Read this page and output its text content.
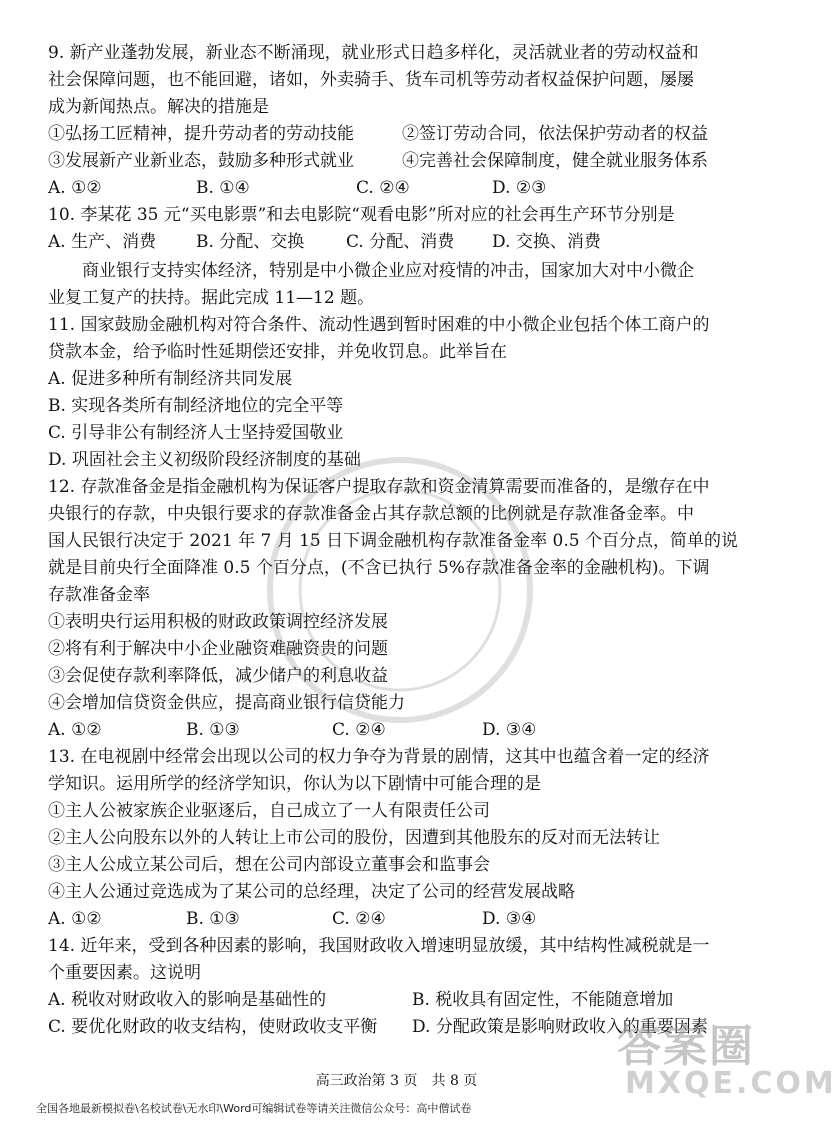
9. 新产业蓬勃发展，新业态不断涌现，就业形式日趋多样化，灵活就业者的劳动权益和
社会保障问题，也不能回避，诸如，外卖骑手、货车司机等劳动者权益保护问题，屡屡
成为新闻热点。解决的措施是
①弘扬工匠精神，提升劳动者的劳动技能	②签订劳动合同，依法保护劳动者的权益
③发展新产业新业态，鼓励多种形式就业	④完善社会保障制度，健全就业服务体系
A. ①②	B. ①④	C. ②④	D. ②③
10. 李某花 35 元“买电影票”和去电影院“观看电影”所对应的社会再生产环节分别是
A. 生产、消费 B. 分配、交换 C. 分配、消费 D. 交换、消费
商业银行支持实体经济，特别是中小微企业应对疫情的冲击，国家加大对中小微企
业复工复产的扶持。据此完成 11—12 题。
11. 国家鼓励金融机构对符合条件、流动性遇到暂时困难的中小微企业包括个体工商户的
贷款本金，给予临时性延期偿还安排，并免收罚息。此举旨在
A. 促进多种所有制经济共同发展
B. 实现各类所有制经济地位的完全平等
C. 引导非公有制经济人士坚持爱国敬业
D. 巩固社会主义初级阶段经济制度的基础
12. 存款准备金是指金融机构为保证客户提取存款和资金清算需要而准备的，是缴存在中
央银行的存款，中央银行要求的存款准备金占其存款总额的比例就是存款准备金率。中
国人民银行决定于 2021 年 7 月 15 日下调金融机构存款准备金率 0.5 个百分点，简单的说
就是目前央行全面降准 0.5 个百分点，(不含已执行 5%存款准备金率的金融机构)。下调
存款准备金率
①表明央行运用积极的财政政策调控经济发展
②将有利于解决中小企业融资难融资贵的问题
③会促使存款利率降低，减少储户的利息收益
④会增加信贷资金供应，提高商业银行信贷能力
A. ①②	B. ①③	C. ②④	D. ③④
13. 在电视剧中经常会出现以公司的权力争夺为背景的剧情，这其中也蕴含着一定的经济
学知识。运用所学的经济学知识，你认为以下剧情中可能合理的是
①主人公被家族企业驱逐后，自己成立了一人有限责任公司
②主人公向股东以外的人转让上市公司的股份，因遭到其他股东的反对而无法转让
③主人公成立某公司后，想在公司内部设立董事会和监事会
④主人公通过竞选成为了某公司的总经理，决定了公司的经营发展战略
A. ①②	B. ①③	C. ②④	D. ③④
14. 近年来，受到各种因素的影响，我国财政收入增速明显放缓，其中结构性减税就是一
个重要因素。这说明
A. 税收对财政收入的影响是基础性的	B. 税收具有固定性，不能随意增加
C. 要优化财政的收支结构，使财政收支平衡 D. 分配政策是影响财政收入的重要因素
高三政治第 3 页　共 8 页
全国各地最新模拟卷\名校试卷\无水印\Word可编辑试卷等请关注微信公众号：高中僧试卷
答案圈
MXQE.COM
